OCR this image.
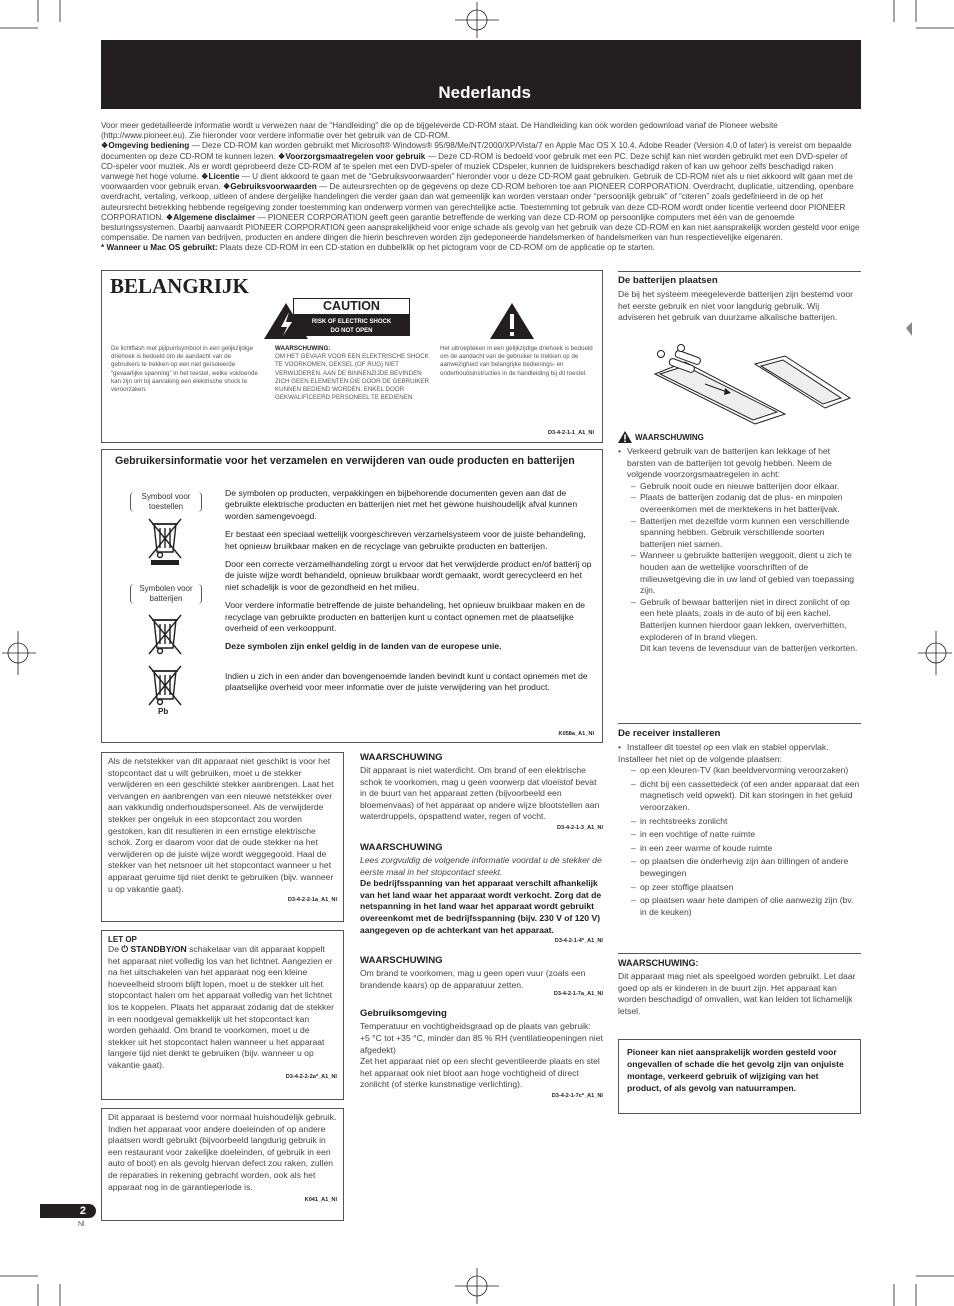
Nederlands
Voor meer gedetailleerde informatie wordt u verwezen naar de “Handleiding” die op de bijgeleverde CD-ROM staat. De Handleiding kan ook worden gedownload vanaf de Pioneer website (http://www.pioneer.eu). Zie hieronder voor verdere informatie over het gebruik van de CD-ROM.
❖Omgeving bediening — Deze CD-ROM kan worden gebruikt met Microsoft® Windows® 95/98/Me/NT/2000/XP/Vista/7 en Apple Mac OS X 10.4. Adobe Reader (Version 4.0 of later) is vereist om bepaalde documenten op deze CD-ROM te kunnen lezen. ❖Voorzorgsmaatregelen voor gebruik — Deze CD-ROM is bedoeld voor gebruik met een PC. Deze schijf kan niet worden gebruikt met een DVD-speler of CD-speler voor muziek. Als er wordt geprobeerd deze CD-ROM af te spelen met een DVD-speler of muziek CDspeler, kunnen de luidsprekers beschadigd raken of kan uw gehoor zelfs beschadigd raken vanwege het hoge volume. ❖Licentie — U dient akkoord te gaan met de “Gebruiksvoorwaarden” hieronder voor u deze CD-ROM gaat gebruiken. Gebruik de CD-ROM niet als u niet akkoord wilt gaan met de voorwaarden voor gebruik ervan. ❖Gebruiksvoorwaarden — De auteursrechten op de gegevens op deze CD-ROM behoren toe aan PIONEER CORPORATION. Overdracht, duplicatie, uitzending, openbare overdracht, vertaling, verkoop, uitleen of andere dergelijke handelingen die verder gaan dan wat gemeenlijk kan worden verstaan onder “persoonlijk gebruik” of “citeren” zoals gedefinieerd in de op het auteursrecht betrekking hebbende regelgeving zonder toestemming kan onderwerp vormen van gerechtelijke actie. Toestemming tot gebruik van deze CD-ROM wordt onder licentie verleend door PIONEER CORPORATION. ❖Algemene disclaimer — PIONEER CORPORATION geeft geen garantie betreffende de werking van deze CD-ROM op persoonlijke computers met één van de genoemde besturingssystemen. Daarbij aanvaardt PIONEER CORPORATION geen aansprakelijkheid voor enige schade als gevolg van het gebruik van deze CD-ROM en kan niet aansprakelijk worden gesteld voor enige compensatie. De namen van bedrijven, producten en andere dingen die hierin beschreven worden zijn gedeponeerde handelsmerken of handelsmerken van hun respectievelijke eigenaren.
* Wanneer u Mac OS gebruikt: Plaats deze CD-ROM in een CD-station en dubbelklik op het pictogram voor de CD-ROM om de applicatie op te starten.
BELANGRIJK
CAUTION
RISK OF ELECTRIC SHOCK
DO NOT OPEN
De lichtflash met pijlpuntsymbool in een gelijkzijdige driehoek is bedoeld om de aandacht van de gebruikers te trekken op een niet geïsoleerde “gevaarlijke spanning” in het toestel, welke voldoende kan zijn om bij aanraking een elektrische shock te veroorzaken.
WAARSCHUWING:
OM HET GEVAAR VOOR EEN ELEKTRISCHE SHOCK TE VOORKOMEN, DEKSEL (OF RUG) NIET VERWIJDEREN. AAN DE BINNENZIJDE BEVINDEN ZICH GEEN ELEMENTEN DIE DOOR DE GEBRUIKER KUNNEN BEDIEND WORDEN. ENKEL DOOR GEKWALIFICEERD PERSONEEL TE BEDIENEN.
Het uitroepteken in een gelijkzijdige driehoek is bedoeld om de aandacht van de gebruiker te trekken op de aanwezigheid van belangrijke bedienings- en onderhoudsinstructies in de handleiding bij dit toestel.
D3-4-2-1-1_A1_Nl
Gebruikersinformatie voor het verzamelen en verwijderen van oude producten en batterijen
Symbool voor toestellen
Symbolen voor batterijen
Pb

De symbolen op producten, verpakkingen en bijbehorende documenten geven aan dat de gebruikte elektrische producten en batterijen niet met het gewone huishoudelijk afval kunnen worden samengevoegd.

Er bestaat een speciaal wettelijk voorgeschreven verzamelsysteem voor de juiste behandeling, het opnieuw bruikbaar maken en de recyclage van gebruikte producten en batterijen.

Door een correcte verzamelhandeling zorgt u ervoor dat het verwijderde product en/of batterij op de juiste wijze wordt behandeld, opnieuw bruikbaar wordt gemaakt, wordt gerecycleerd en het niet schadelijk is voor de gezondheid en het milieu.

Voor verdere informatie betreffende de juiste behandeling, het opnieuw bruikbaar maken en de recyclage van gebruikte producten en batterijen kunt u contact opnemen met de plaatselijke overheid of een verkooppunt.

Deze symbolen zijn enkel geldig in de landen van de europese unie.

Indien u zich in een ander dan bovengenoemde landen bevindt kunt u contact opnemen met de plaatselijke overheid voor meer informatie over de juiste verwijdering van het product.

K058a_A1_Nl
De batterijen plaatsen
De bij het systeem meegeleverde batterijen zijn bestemd voor het eerste gebruik en niet voor langdurig gebruik. Wij adviseren het gebruik van duurzame alkalische batterijen.
WAARSCHUWING
• Verkeerd gebruik van de batterijen kan lekkage of het barsten van de batterijen tot gevolg hebben. Neem de volgende voorzorgsmaatregelen in acht:
– Gebruik nooit oude en nieuwe batterijen door elkaar.
– Plaats de batterijen zodanig dat de plus- en minpolen overeenkomen met de merktekens in het batterijvak.
– Batterijen met dezelfde vorm kunnen een verschillende spanning hebben. Gebruik verschillende soorten batterijen niet samen.
– Wanneer u gebruikte batterijen weggooit, dient u zich te houden aan de wettelijke voorschriften of de milieuwetgeving die in uw land of gebied van toepassing zijn.
– Gebruik of bewaar batterijen niet in direct zonlicht of op een hete plaats, zoals in de auto of bij een kachel. Batterijen kunnen hierdoor gaan lekken, oververhitten, exploderen of in brand vliegen.
Dit kan tevens de levensduur van de batterijen verkorten.
De receiver installeren
• Installeer dit toestel op een vlak en stabiel oppervlak.
Installeer het niet op de volgende plaatsen:
– op een kleuren-TV (kan beeldvervorming veroorzaken)
– dicht bij een cassettedeck (of een ander apparaat dat een magnetisch veld opwekt). Dit kan storingen in het geluid veroorzaken.
– in rechtstreeks zonlicht
– in een vochtige of natte ruimte
– in een zeer warme of koude ruimte
– op plaatsen die onderhevig zijn aan trillingen of andere bewegingen
– op zeer stoffige plaatsen
– op plaatsen waar hete dampen of olie aanwezig zijn (bv. in de keuken)
WAARSCHUWING:
Dit apparaat mag niet als speelgoed worden gebruikt. Let daar goed op als er kinderen in de buurt zijn. Het apparaat kan worden beschadigd of omvallen, wat kan leiden tot lichamelijk letsel.
Pioneer kan niet aansprakelijk worden gesteld voor ongevallen of schade die het gevolg zijn van onjuiste montage, verkeerd gebruik of wijziging van het product, of als gevolg van natuurrampen.
Als de netstekker van dit apparaat niet geschikt is voor het stopcontact dat u wilt gebruiken, moet u de stekker verwijderen en een geschikte stekker aanbrengen. Laat het vervangen en aanbrengen van een nieuwe netstekker over aan vakkundig onderhoudspersoneel. Als de verwijderde stekker per ongeluk in een stopcontact zou worden gestoken, kan dit resulteren in een ernstige elektrische schok. Zorg er daarom voor dat de oude stekker na het verwijderen op de juiste wijze wordt weggegooid. Haal de stekker van het netsnoer uit het stopcontact wanneer u het apparaat geruime tijd niet denkt te gebruiken (bijv. wanneer u op vakantie gaat).
D3-4-2-2-1a_A1_Nl
LET OP
De ⏻ STANDBY/ON schakelaar van dit apparaat koppelt het apparaat niet volledig los van het lichtnet. Aangezien er na het uitschakelen van het apparaat nog een kleine hoeveelheid stroom blijft lopen, moet u de stekker uit het stopcontact halen om het apparaat volledig van het lichtnet los te koppelen. Plaats het apparaat zodanig dat de stekker in een noodgeval gemakkelijk uit het stopcontact kan worden gehaald. Om brand te voorkomen, moet u de stekker uit het stopcontact halen wanneer u het apparaat langere tijd niet denkt te gebruiken (bijv. wanneer u op vakantie gaat).
D3-4-2-2-2a*_A1_Nl
Dit apparaat is bestemd voor normaal huishoudelijk gebruik. Indien het apparaat voor andere doeleinden of op andere plaatsen wordt gebruikt (bijvoorbeeld langdurig gebruik in een restaurant voor zakelijke doeleinden, of gebruik in een auto of boot) en als gevolg hiervan defect zou raken, zullen de reparaties in rekening gebracht worden, ook als het apparaat nog in de garantieperiode is.
K041_A1_Nl
WAARSCHUWING
Dit apparaat is niet waterdicht. Om brand of een elektrische schok te voorkomen, mag u geen voorwerp dat vloeistof bevat in de buurt van het apparaat zetten (bijvoorbeeld een bloemenvaas) of het apparaat op andere wijze blootstellen aan waterdruppels, opspattend water, regen of vocht.
D3-4-2-1-3_A1_Nl
WAARSCHUWING
Lees zorgvuldig de volgende informatie voordat u de stekker de eerste maal in het stopcontact steekt.
De bedrijfsspanning van het apparaat verschilt afhankelijk van het land waar het apparaat wordt verkocht. Zorg dat de netspanning in het land waar het apparaat wordt gebruikt overeenkomt met de bedrijfsspanning (bijv. 230 V of 120 V) aangegeven op de achterkant van het apparaat.
D3-4-2-1-4*_A1_Nl
WAARSCHUWING
Om brand te voorkomen, mag u geen open vuur (zoals een brandende kaars) op de apparatuur zetten.
D3-4-2-1-7a_A1_Nl
Gebruiksomgeving
Temperatuur en vochtigheidsgraad op de plaats van gebruik:
+5 °C tot +35 °C, minder dan 85 % RH (ventilatieopeningen niet afgedekt)
Zet het apparaat niet op een slecht geventileerde plaats en stel het apparaat ook niet bloot aan hoge vochtigheid of direct zonlicht (of sterke kunstmatige verlichting).
D3-4-2-1-7c*_A1_Nl
2
Nl
